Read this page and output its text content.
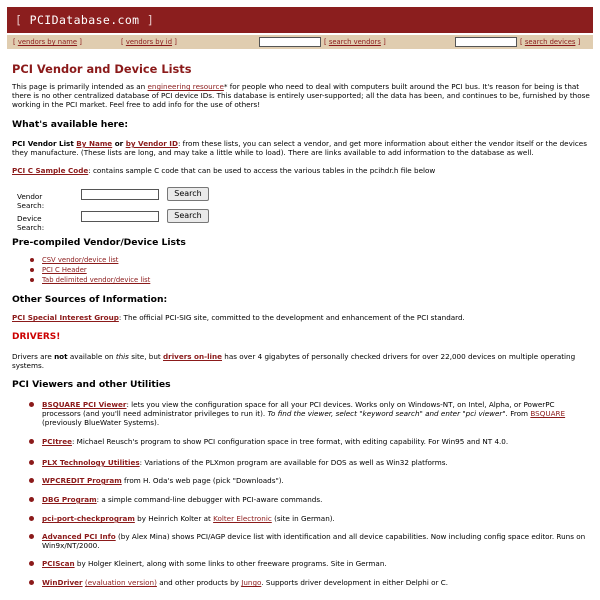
[ PCIDatabase.com ]
[ vendors by name ]	[ vendors by id ]	[ search vendors ]	[ search devices ]
PCI Vendor and Device Lists
This page is primarily intended as an engineering resource* for people who need to deal with computers built around the PCI bus. It's reason for being is that there is no other centralized database of PCI device IDs. This database is entirely user-supported; all the data has been, and continues to be, furnished by those working in the PCI market. Feel free to add info for the use of others!
What's available here:
PCI Vendor List By Name or by Vendor ID: from these lists, you can select a vendor, and get more information about either the vendor itself or the devices they manufacture. (These lists are long, and may take a little while to load). There are links available to add information to the database as well.
PCI C Sample Code: contains sample C code that can be used to access the various tables in the pcihdr.h file below
Vendor Search:
Search
Device Search:
Search
Pre-compiled Vendor/Device Lists
CSV vendor/device list
PCI C Header
Tab delimited vendor/device list
Other Sources of Information:
PCI Special Interest Group: The official PCI-SIG site, committed to the development and enhancement of the PCI standard.
DRIVERS!
Drivers are not available on this site, but drivers on-line has over 4 gigabytes of personally checked drivers for over 22,000 devices on multiple operating systems.
PCI Viewers and other Utilities
BSQUARE PCI Viewer: lets you view the configuration space for all your PCI devices. Works only on Windows-NT, on Intel, Alpha, or PowerPC processors (and you'll need administrator privileges to run it). To find the viewer, select "keyword search" and enter "pci viewer". From BSQUARE (previously BlueWater Systems).
PCItree: Michael Reusch's program to show PCI configuration space in tree format, with editing capability. For Win95 and NT 4.0.
PLX Technology Utilities: Variations of the PLXmon program are available for DOS as well as Win32 platforms.
WPCREDIT Program from H. Oda's web page (pick "Downloads").
DBG Program: a simple command-line debugger with PCI-aware commands.
pci-port-checkprogram by Heinrich Kolter at Kolter Electronic (site in German).
Advanced PCI Info (by Alex Mina) shows PCI/AGP device list with identification and all device capabilities. Now including config space editor. Runs on Win9x/NT/2000.
PCIScan by Holger Kleinert, along with some links to other freeware programs. Site in German.
WinDriver (evaluation version) and other products by Jungo. Supports driver development in either Delphi or C.
